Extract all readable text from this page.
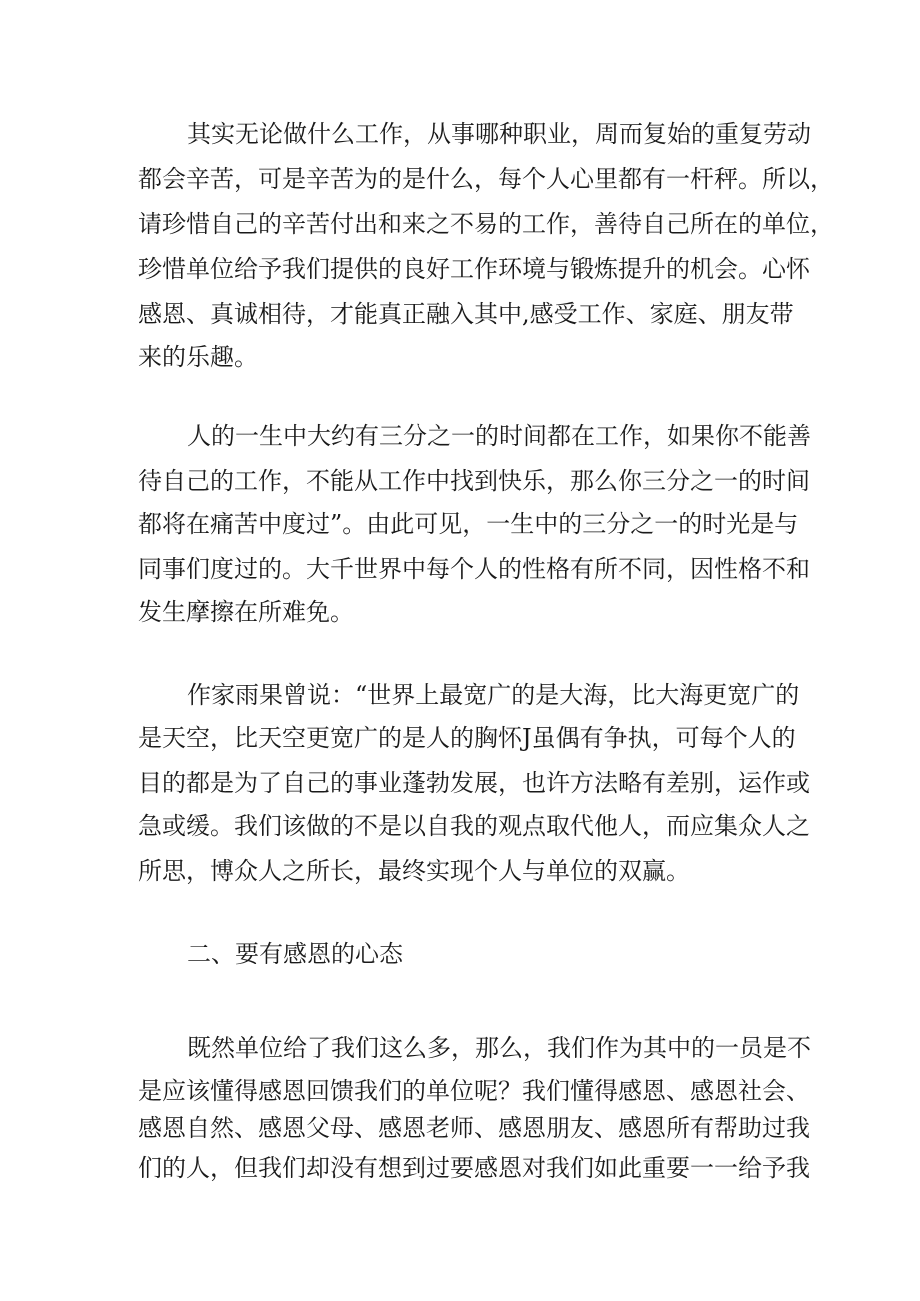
其实无论做什么工作，从事哪种职业，周而复始的重复劳动
都会辛苦，可是辛苦为的是什么，每个人心里都有一杆秤。所以，
请珍惜自己的辛苦付出和来之不易的工作，善待自己所在的单位，
珍惜单位给予我们提供的良好工作环境与锻炼提升的机会。心怀
感恩、真诚相待，才能真正融入其中,感受工作、家庭、朋友带
来的乐趣。
人的一生中大约有三分之一的时间都在工作，如果你不能善
待自己的工作，不能从工作中找到快乐，那么你三分之一的时间
都将在痛苦中度过”。由此可见，一生中的三分之一的时光是与
同事们度过的。大千世界中每个人的性格有所不同，因性格不和
发生摩擦在所难免。
作家雨果曾说：“世界上最宽广的是大海，比大海更宽广的
是天空，比天空更宽广的是人的胸怀J虽偶有争执，可每个人的
目的都是为了自己的事业蓬勃发展，也许方法略有差别，运作或
急或缓。我们该做的不是以自我的观点取代他人，而应集众人之
所思，博众人之所长，最终实现个人与单位的双赢。
二、要有感恩的心态
既然单位给了我们这么多，那么，我们作为其中的一员是不
是应该懂得感恩回馈我们的单位呢？我们懂得感恩、感恩社会、
感恩自然、感恩父母、感恩老师、感恩朋友、感恩所有帮助过我
们的人，但我们却没有想到过要感恩对我们如此重要一一给予我
